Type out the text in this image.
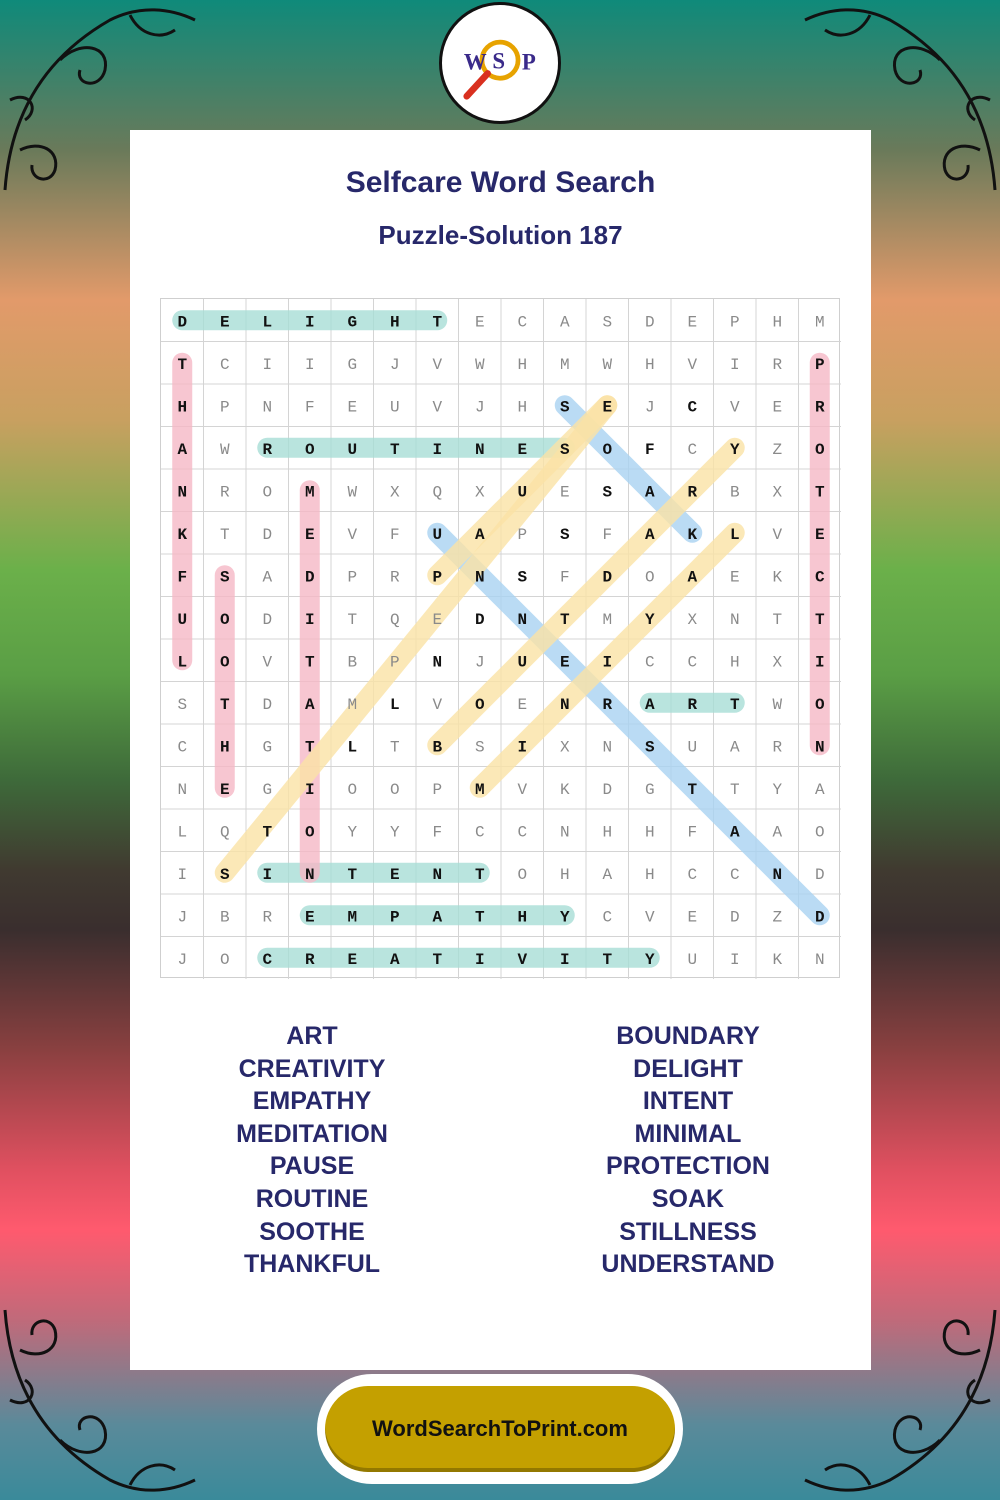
W S P
Selfcare Word Search
Puzzle-Solution 187
D E L I G H T E C A S D E P H M
T C I I G J V W H M W H V I R P
H P N F E U V J H S E J C V E R
A W R O U T I N E S O F C Y Z O
N R O M W X Q X U E S A R B X T
K T D E V F U A P S F A K L V E
F S A D P R P N S F D O A E K C
U O D I T Q E D N T M Y X N T T
L O V T B P N J U E I C C H X I
S T D A M L V O E N R A R T W O
C H G T L T B S I X N S U A R N
N E G I O O P M V K D G T T Y A
L Q T O Y Y F C C N H H F A A O
I S I N T E N T O H A H C C N D
J B R E M P A T H Y C V E D Z D
J O C R E A T I V I T Y U I K N
ART
CREATIVITY
EMPATHY
MEDITATION
PAUSE
ROUTINE
SOOTHE
THANKFUL
BOUNDARY
DELIGHT
INTENT
MINIMAL
PROTECTION
SOAK
STILLNESS
UNDERSTAND
WordSearchToPrint.com
